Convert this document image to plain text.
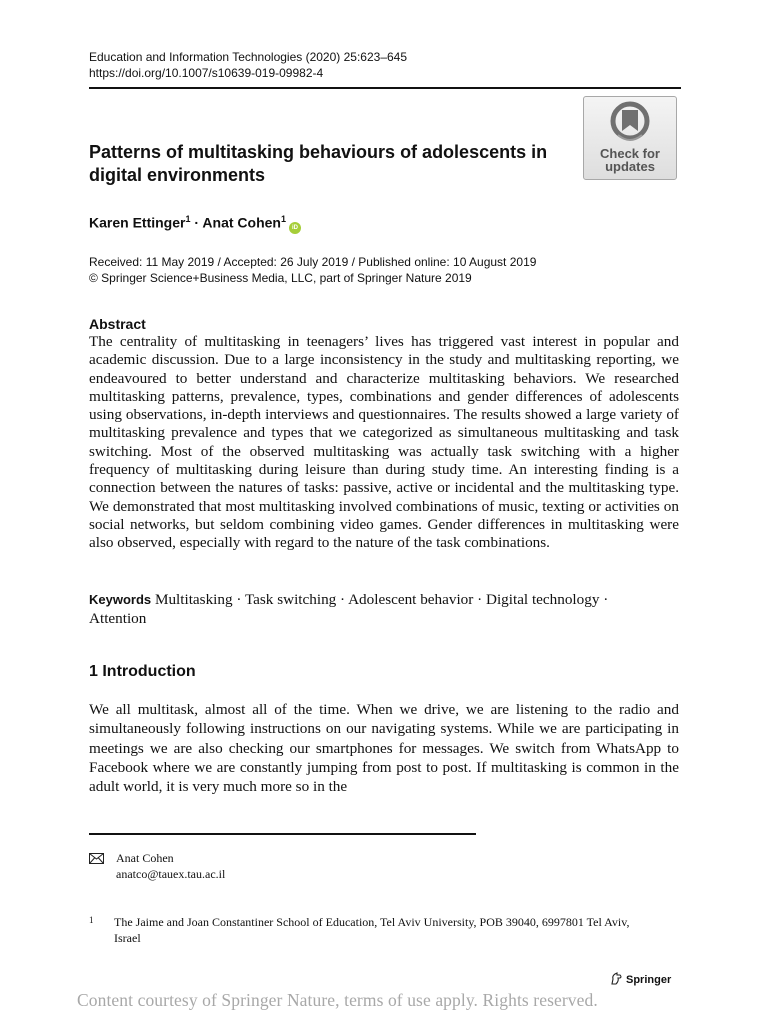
Education and Information Technologies (2020) 25:623–645
https://doi.org/10.1007/s10639-019-09982-4
Check for
updates
Patterns of multitasking behaviours of adolescents in digital environments
Karen Ettinger$^1$ · Anat Cohen$^1$iD
Received: 11 May 2019 / Accepted: 26 July 2019 / Published online: 10 August 2019
© Springer Science+Business Media, LLC, part of Springer Nature 2019
Abstract

The centrality of multitasking in teenagers’ lives has triggered vast interest in popular and academic discussion. Due to a large inconsistency in the study and multitasking reporting, we endeavoured to better understand and characterize multitasking behaviors. We researched multitasking patterns, prevalence, types, combinations and gender differences of adolescents using observations, in-depth interviews and questionnaires. The results showed a large variety of multitasking prevalence and types that we categorized as simultaneous multitasking and task switching. Most of the observed multitasking was actually task switching with a higher frequency of multitasking during leisure than during study time. An interesting finding is a connection between the natures of tasks: passive, active or incidental and the multitasking type. We demonstrated that most multitasking involved combinations of music, texting or activities on social networks, but seldom combining video games. Gender differences in multitasking were also observed, especially with regard to the nature of the task combinations.

Keywords Multitasking · Task switching · Adolescent behavior · Digital technology · Attention
1 Introduction

We all multitask, almost all of the time. When we drive, we are listening to the radio and simultaneously following instructions on our navigating systems. While we are participating in meetings we are also checking our smartphones for messages. We switch from WhatsApp to Facebook where we are constantly jumping from post to post. If multitasking is common in the adult world, it is very much more so in the

Anat Cohen
anatco@tauex.tau.ac.il
1 The Jaime and Joan Constantiner School of Education, Tel Aviv University, POB 39040, 6997801 Tel Aviv, Israel
Springer
Content courtesy of Springer Nature, terms of use apply. Rights reserved.
